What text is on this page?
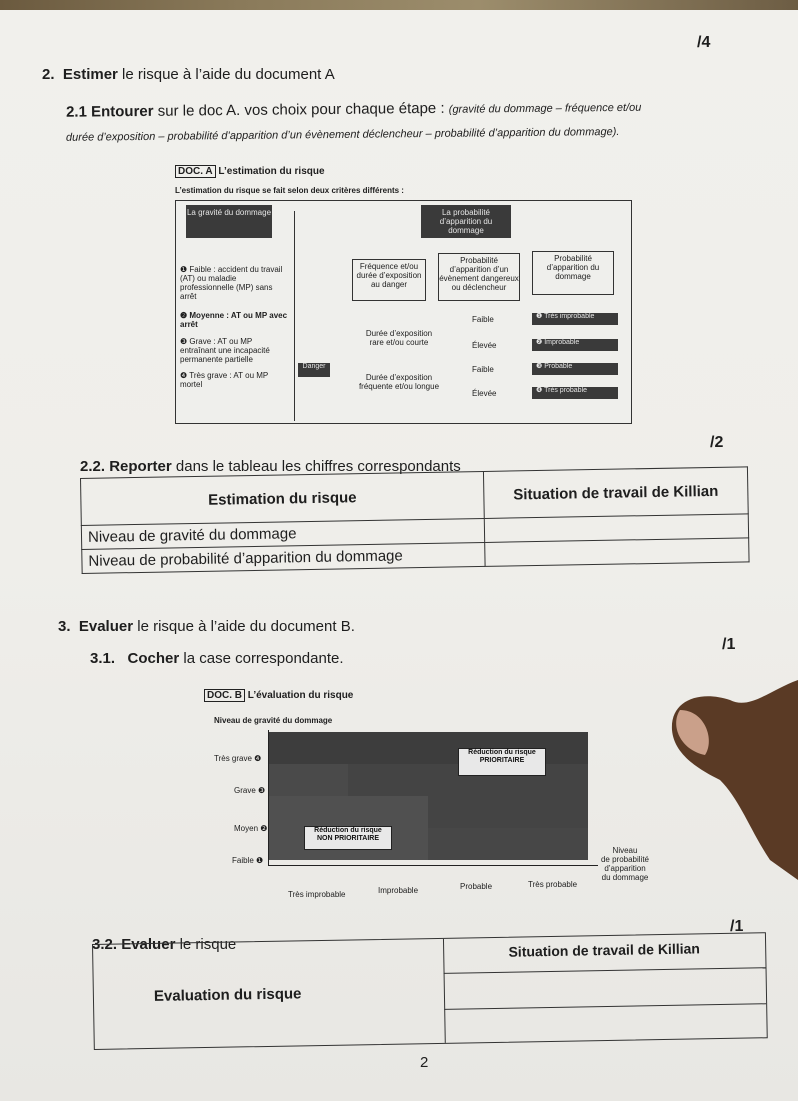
/4
2. Estimer le risque à l’aide du document A
2.1 Entourer sur le doc A. vos choix pour chaque étape : (gravité du dommage – fréquence et/ou
durée d’exposition – probabilité d’apparition d’un évènement déclencheur – probabilité d’apparition du dommage).
DOC. A L’estimation du risque
L’estimation du risque se fait selon deux critères différents :
La gravité du dommage	La probabilité d’apparition du dommage
❶ Faible : accident du travail (AT) ou maladie professionnelle (MP) sans arrêt
❷ Moyenne : AT ou MP avec arrêt
❸ Grave : AT ou MP entraînant une incapacité permanente partielle
❹ Très grave : AT ou MP mortel
Danger
Fréquence et/ou durée d’exposition au danger
Probabilité d’apparition d’un évènement dangereux ou déclencheur
Probabilité d’apparition du dommage
Durée d’exposition
rare et/ou courte
Durée d’exposition
fréquente et/ou longue
Faible
Élevée
Faible
Élevée
❶ Très improbable
❷ Improbable
❸ Probable
❹ Très probable
/2
2.2. Reporter dans le tableau les chiffres correspondants
Estimation du risque	Situation de travail de Killian
Niveau de gravité du dommage	
Niveau de probabilité d’apparition du dommage	
3. Evaluer le risque à l’aide du document B.
/1
3.1. Cocher la case correspondante.
DOC. B L’évaluation du risque
Niveau de gravité du dommage
Réduction du risque
PRIORITAIRE
Réduction du risque
NON PRIORITAIRE
Très grave ❹
Grave ❸
Moyen ❷
Faible ❶
Très improbable	Improbable	Probable	Très probable
Niveau
de probabilité
d’apparition
du dommage
/1
3.2. Evaluer le risque	Situation de travail de Killian
Evaluation du risque
2
